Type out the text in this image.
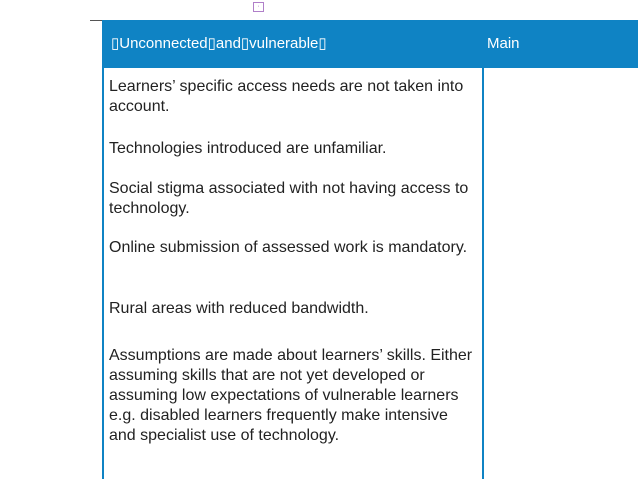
·
▯Unconnected▯and▯vulnerable▯	Main

Learners’ specific access needs are not taken into account.

Technologies introduced are unfamiliar.

Social stigma associated with not having access to technology.

Online submission of assessed work is mandatory.

Rural areas with reduced bandwidth.

Assumptions are made about learners’ skills. Either assuming skills that are not yet developed or assuming low expectations of vulnerable learners e.g. disabled learners frequently make intensive and specialist use of technology.
